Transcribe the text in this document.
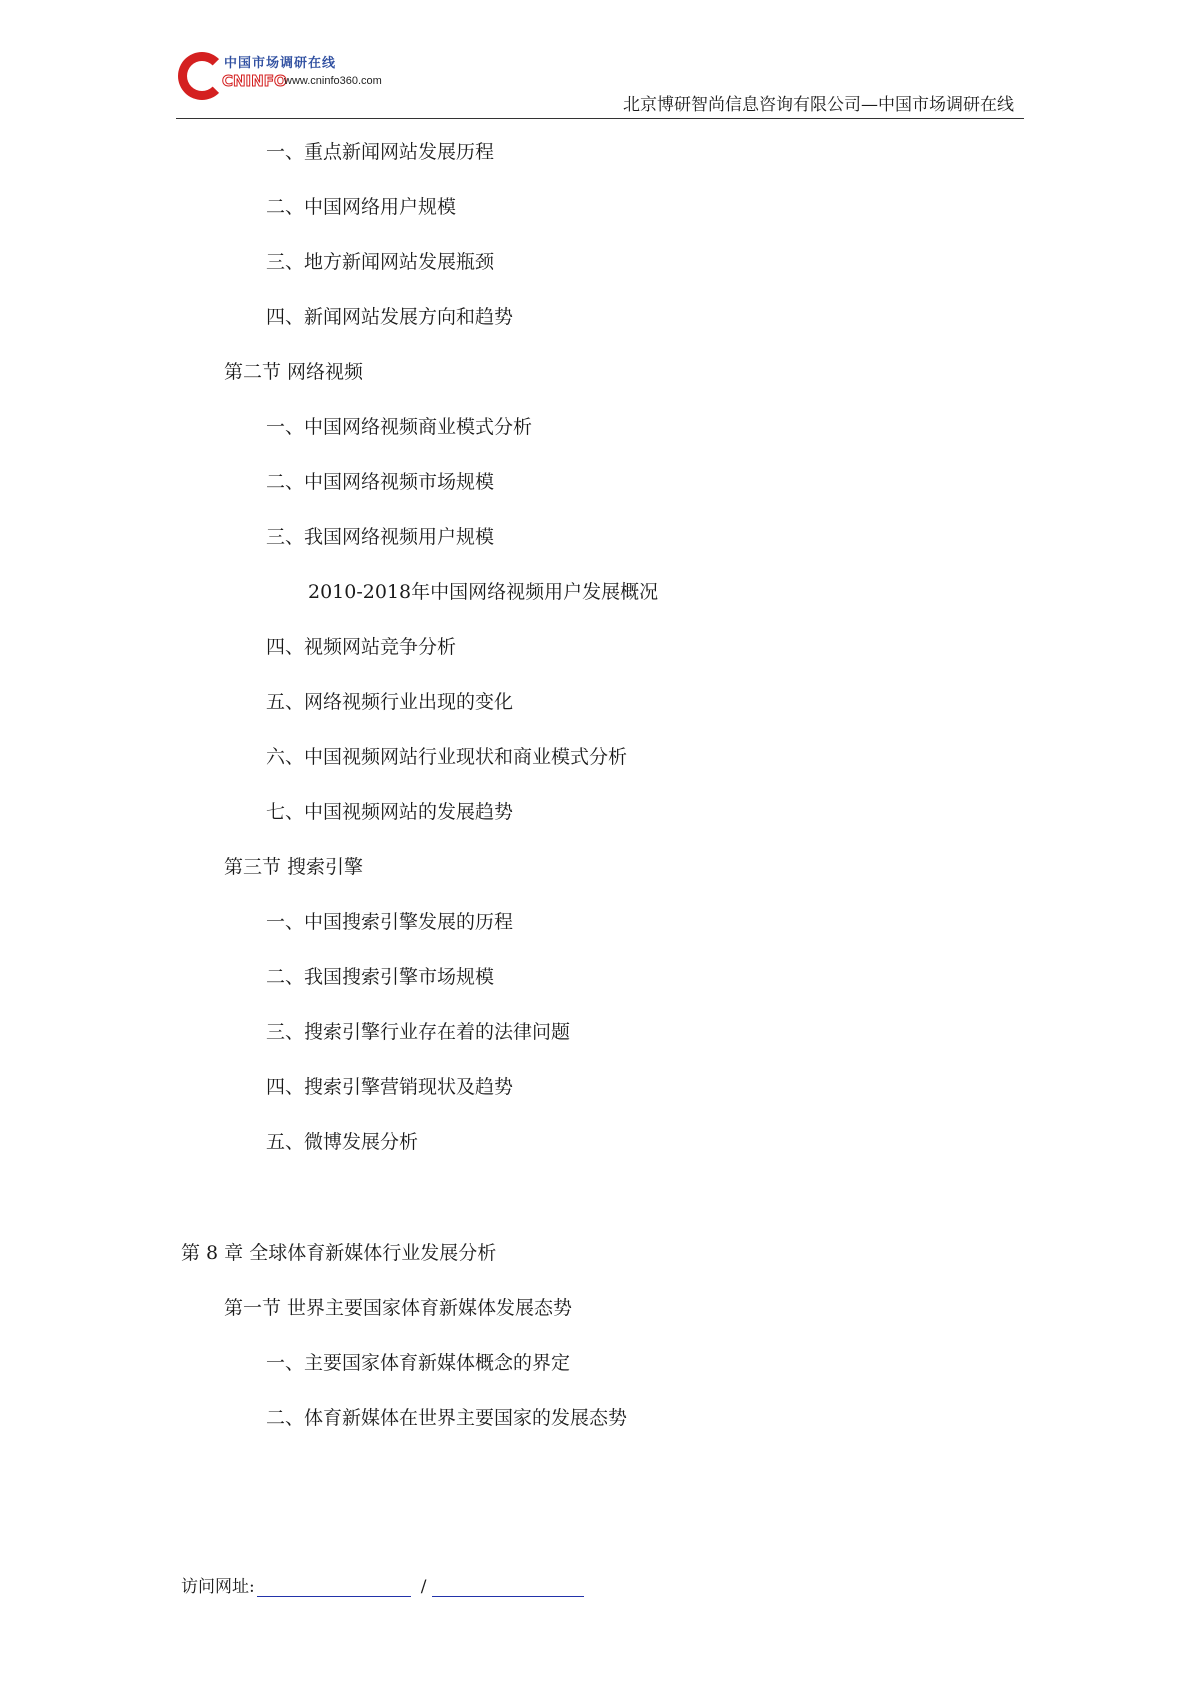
中国市场调研在线
CNINFO
www.cninfo360.com
北京博研智尚信息咨询有限公司—中国市场调研在线
一、重点新闻网站发展历程
二、中国网络用户规模
三、地方新闻网站发展瓶颈
四、新闻网站发展方向和趋势
第二节 网络视频
一、中国网络视频商业模式分析
二、中国网络视频市场规模
三、我国网络视频用户规模
2010-2018年中国网络视频用户发展概况
四、视频网站竞争分析
五、网络视频行业出现的变化
六、中国视频网站行业现状和商业模式分析
七、中国视频网站的发展趋势
第三节 搜索引擎
一、中国搜索引擎发展的历程
二、我国搜索引擎市场规模
三、搜索引擎行业存在着的法律问题
四、搜索引擎营销现状及趋势
五、微博发展分析
第 8 章 全球体育新媒体行业发展分析
第一节 世界主要国家体育新媒体发展态势
一、主要国家体育新媒体概念的界定
二、体育新媒体在世界主要国家的发展态势
访问网址:	/
